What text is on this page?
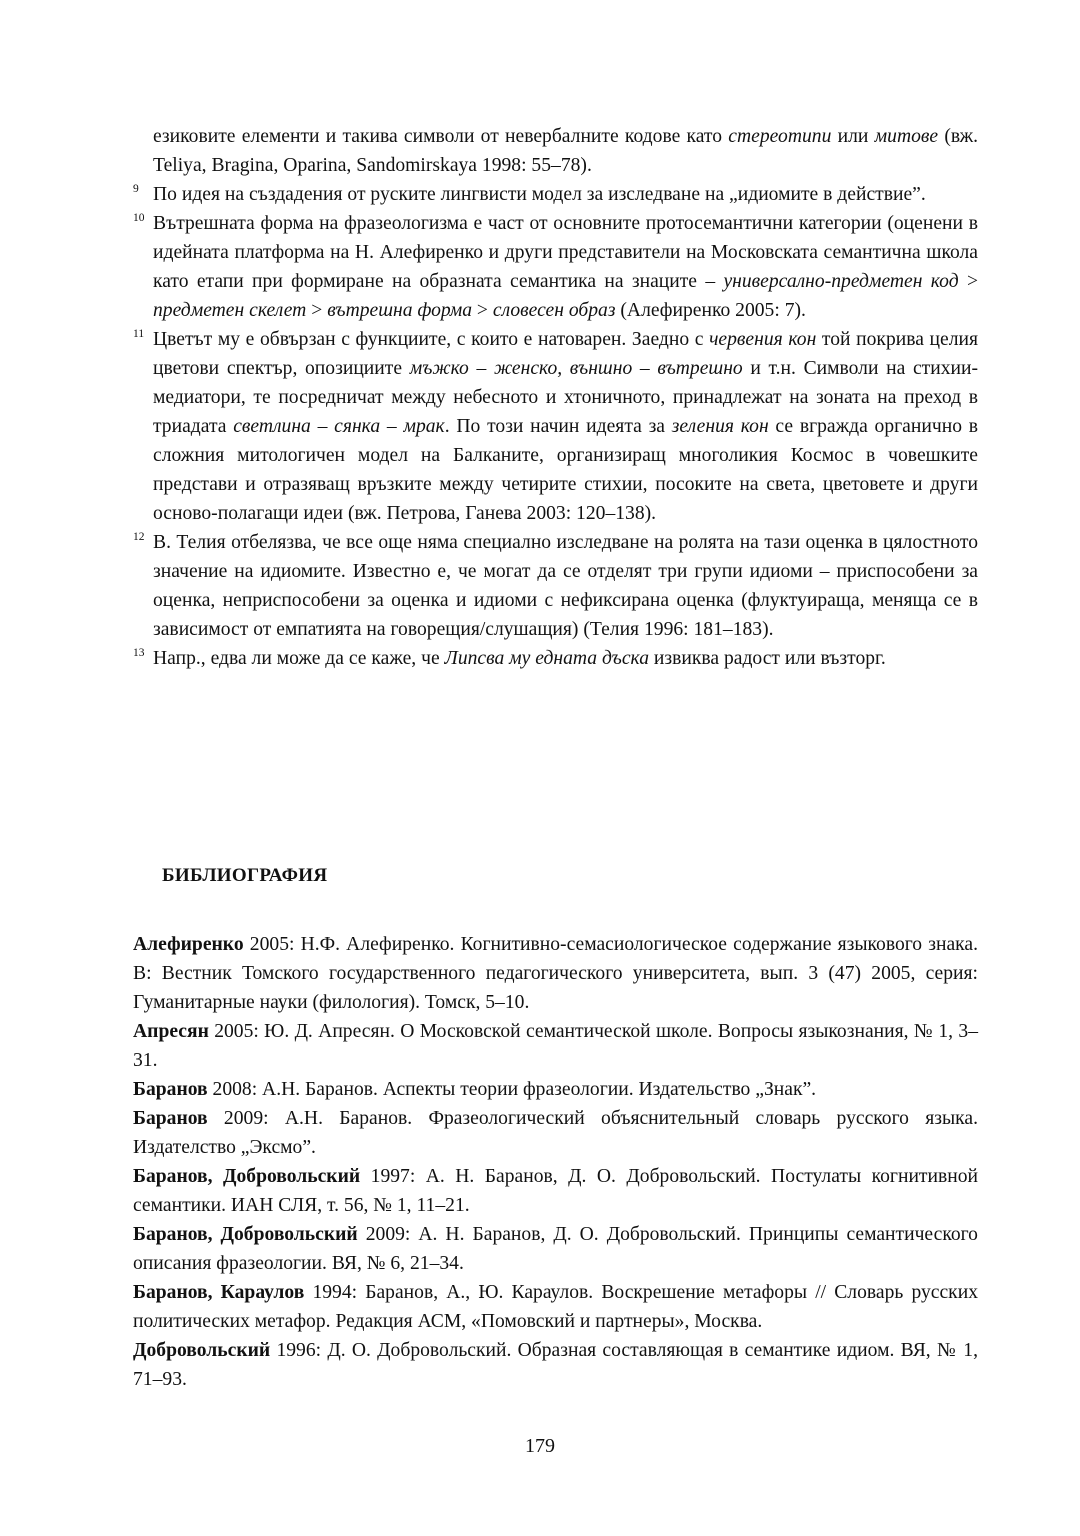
езиковите елементи и такива символи от невербалните кодове като стереотипи или митове (вж. Teliya, Bragina, Oparina, Sandomirskaya 1998: 55–78).

9 По идея на създадения от руските лингвисти модел за изследване на „идиомите в действие”.

10 Вътрешната форма на фразеологизма е част от основните протосемантични категории (оценени в идейната платформа на Н. Алефиренко и други представители на Московската семантична школа като етапи при формиране на образната семантика на знаците – универсално-предметен код > предметен скелет > вътрешна форма > словесен образ (Алефиренко 2005: 7).

11 Цветът му е обвързан с функциите, с които е натоварен. Заедно с червения кон той покрива целия цветови спектър, опозициите мъжко – женско, външно – вътрешно и т.н. Символи на стихии-медиатори, те посредничат между небесното и хтоничното, принадлежат на зоната на преход в триадата светлина – сянка – мрак. По този начин идеята за зеления кон се вгражда органично в сложния митологичен модел на Балканите, организиращ многоликия Космос в човешките представи и отразяващ връзките между четирите стихии, посоките на света, цветовете и други осново-полагащи идеи (вж. Петрова, Ганева 2003: 120–138).

12 В. Телия отбелязва, че все още няма специално изследване на ролята на тази оценка в цялостното значение на идиомите. Известно е, че могат да се отделят три групи идиоми – приспособени за оценка, неприспособени за оценка и идиоми с нефиксирана оценка (флуктуираща, меняща се в зависимост от емпатията на говорещия/слушащия) (Телия 1996: 181–183).

13 Напр., едва ли може да се каже, че Липсва му едната дъска извиква радост или възторг.

БИБЛИОГРАФИЯ

Алефиренко 2005: Н.Ф. Алефиренко. Когнитивно-семасиологическое содержание языкового знака. В: Вестник Томского государственного педагогического университета, вып. 3 (47) 2005, серия: Гуманитарные науки (филология). Томск, 5–10.

Апресян 2005: Ю. Д. Апресян. О Московской семантической школе. Вопросы языкознания, № 1, 3–31.

Баранов 2008: А.Н. Баранов. Аспекты теории фразеологии. Издательство „Знак”.

Баранов 2009: А.Н. Баранов. Фразеологический объяснительный словарь русского языка. Издателство „Эксмо”.

Баранов, Добровольский 1997: А. Н. Баранов, Д. О. Добровольский. Постулаты когнитивной семантики. ИАН СЛЯ, т. 56, № 1, 11–21.

Баранов, Добровольский 2009: А. Н. Баранов, Д. О. Добровольский. Принципы семантического описания фразеологии. ВЯ, № 6, 21–34.

Баранов, Караулов 1994: Баранов, А., Ю. Караулов. Воскрешение метафоры // Словарь русских политических метафор. Редакция АСМ, «Помовский и партнеры», Москва.

Добровольский 1996: Д. О. Добровольский. Образная составляющая в семантике идиом. ВЯ, № 1, 71–93.

179
